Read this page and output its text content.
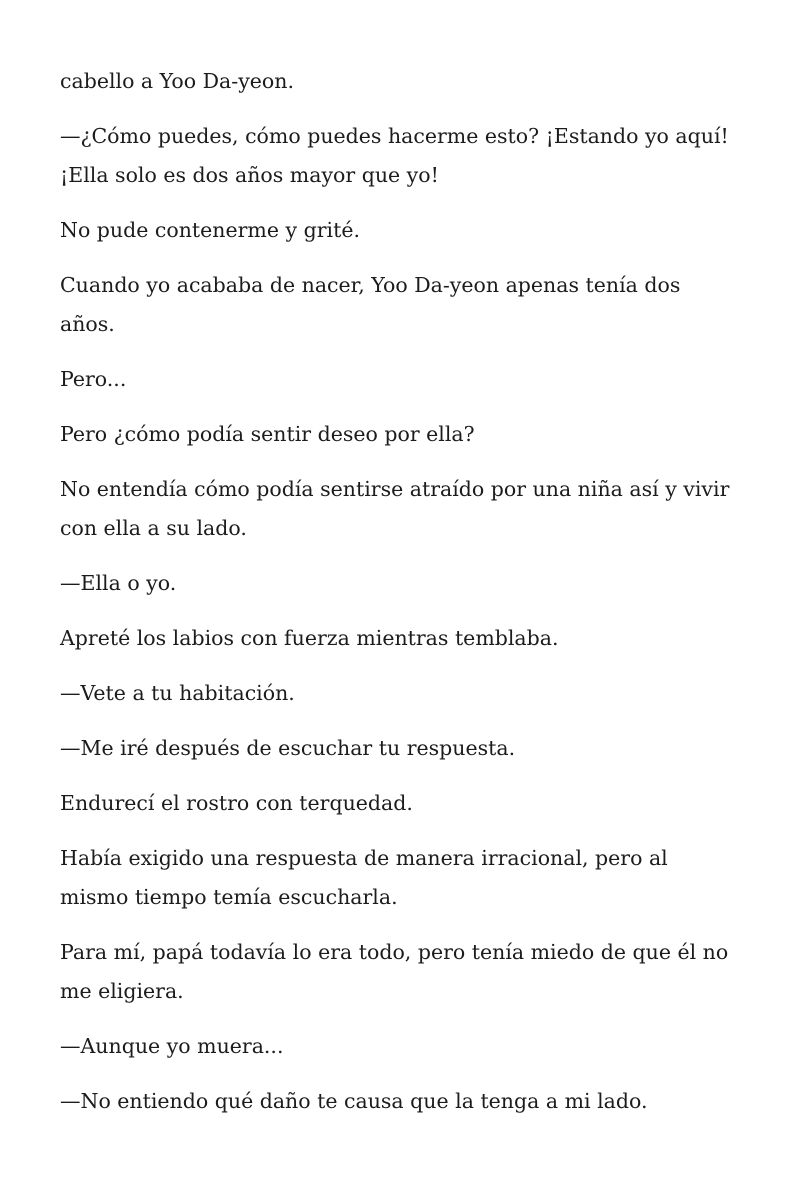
cabello a Yoo Da-yeon.

—¿Cómo puedes, cómo puedes hacerme esto? ¡Estando yo aquí! ¡Ella solo es dos años mayor que yo!

No pude contenerme y grité.

Cuando yo acababa de nacer, Yoo Da-yeon apenas tenía dos años.

Pero...

Pero ¿cómo podía sentir deseo por ella?

No entendía cómo podía sentirse atraído por una niña así y vivir con ella a su lado.

—Ella o yo.

Apreté los labios con fuerza mientras temblaba.

—Vete a tu habitación.

—Me iré después de escuchar tu respuesta.

Endurecí el rostro con terquedad.

Había exigido una respuesta de manera irracional, pero al mismo tiempo temía escucharla.

Para mí, papá todavía lo era todo, pero tenía miedo de que él no me eligiera.

—Aunque yo muera...

—No entiendo qué daño te causa que la tenga a mi lado.
